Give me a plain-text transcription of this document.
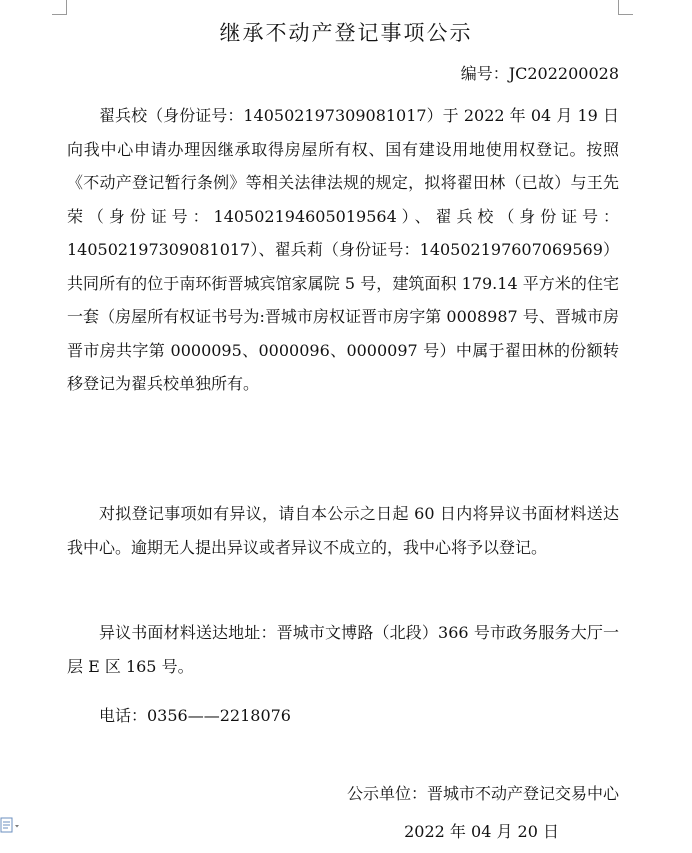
继承不动产登记事项公示
编号：JC202200028

翟兵校（身份证号：140502197309081017）于 2022 年 04 月 19 日向我中心申请办理因继承取得房屋所有权、国有建设用地使用权登记。按照《不动产登记暂行条例》等相关法律法规的规定，拟将翟田林（已故）与王先荣（身份证号：140502194605019564）、翟兵校（身份证号：140502197309081017）、翟兵莉（身份证号：140502197607069569）共同所有的位于南环街晋城宾馆家属院 5 号，建筑面积 179.14 平方米的住宅一套（房屋所有权证书号为:晋城市房权证晋市房字第 0008987 号、晋城市房晋市房共字第 0000095、0000096、0000097 号）中属于翟田林的份额转移登记为翟兵校单独所有。

对拟登记事项如有异议，请自本公示之日起 60 日内将异议书面材料送达我中心。逾期无人提出异议或者异议不成立的，我中心将予以登记。

异议书面材料送达地址：晋城市文博路（北段）366 号市政务服务大厅一层 E 区 165 号。

电话：0356——2218076

公示单位：晋城市不动产登记交易中心
2022 年 04 月 20 日
